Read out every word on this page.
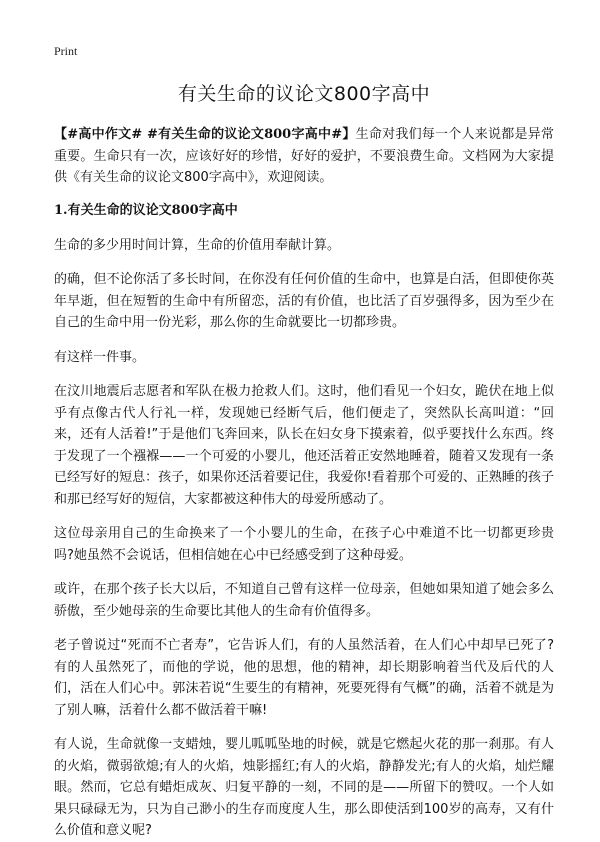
Print
有关生命的议论文800字高中

【#高中作文# #有关生命的议论文800字高中#】生命对我们每一个人来说都是异常重要。生命只有一次，应该好好的珍惜，好好的爱护，不要浪费生命。文档网为大家提供《有关生命的议论文800字高中》，欢迎阅读。

1.有关生命的议论文800字高中

生命的多少用时间计算，生命的价值用奉献计算。

的确，但不论你活了多长时间，在你没有任何价值的生命中，也算是白活，但即使你英年早逝，但在短暂的生命中有所留恋，活的有价值，也比活了百岁强得多，因为至少在自己的生命中用一份光彩，那么你的生命就要比一切都珍贵。

有这样一件事。

在汶川地震后志愿者和军队在极力抢救人们。这时，他们看见一个妇女，跪伏在地上似乎有点像古代人行礼一样，发现她已经断气后，他们便走了，突然队长高叫道：“回来，还有人活着!”于是他们飞奔回来，队长在妇女身下摸索着，似乎要找什么东西。终于发现了一个襁褓——一个可爱的小婴儿，他还活着正安然地睡着，随着又发现有一条已经写好的短息：孩子，如果你还活着要记住，我爱你!看着那个可爱的、正熟睡的孩子和那已经写好的短信，大家都被这种伟大的母爱所感动了。

这位母亲用自己的生命换来了一个小婴儿的生命，在孩子心中难道不比一切都更珍贵吗?她虽然不会说话，但相信她在心中已经感受到了这种母爱。

或许，在那个孩子长大以后，不知道自己曾有这样一位母亲，但她如果知道了她会多么骄傲，至少她母亲的生命要比其他人的生命有价值得多。

老子曾说过“死而不亡者寿”，它告诉人们，有的人虽然活着，在人们心中却早已死了?有的人虽然死了，而他的学说，他的思想，他的精神，却长期影响着当代及后代的人们，活在人们心中。郭沫若说“生要生的有精神，死要死得有气概”的确，活着不就是为了别人嘛，活着什么都不做活着干嘛!

有人说，生命就像一支蜡烛，婴儿呱呱坠地的时候，就是它燃起火花的那一刹那。有人的火焰，微弱欲熄;有人的火焰，烛影摇红;有人的火焰，静静发光;有人的火焰，灿烂耀眼。然而，它总有蜡炬成灰、归复平静的一刻，不同的是——所留下的赞叹。一个人如果只碌碌无为，只为自己渺小的生存而度度人生，那么即使活到100岁的高寿，又有什么价值和意义呢?
